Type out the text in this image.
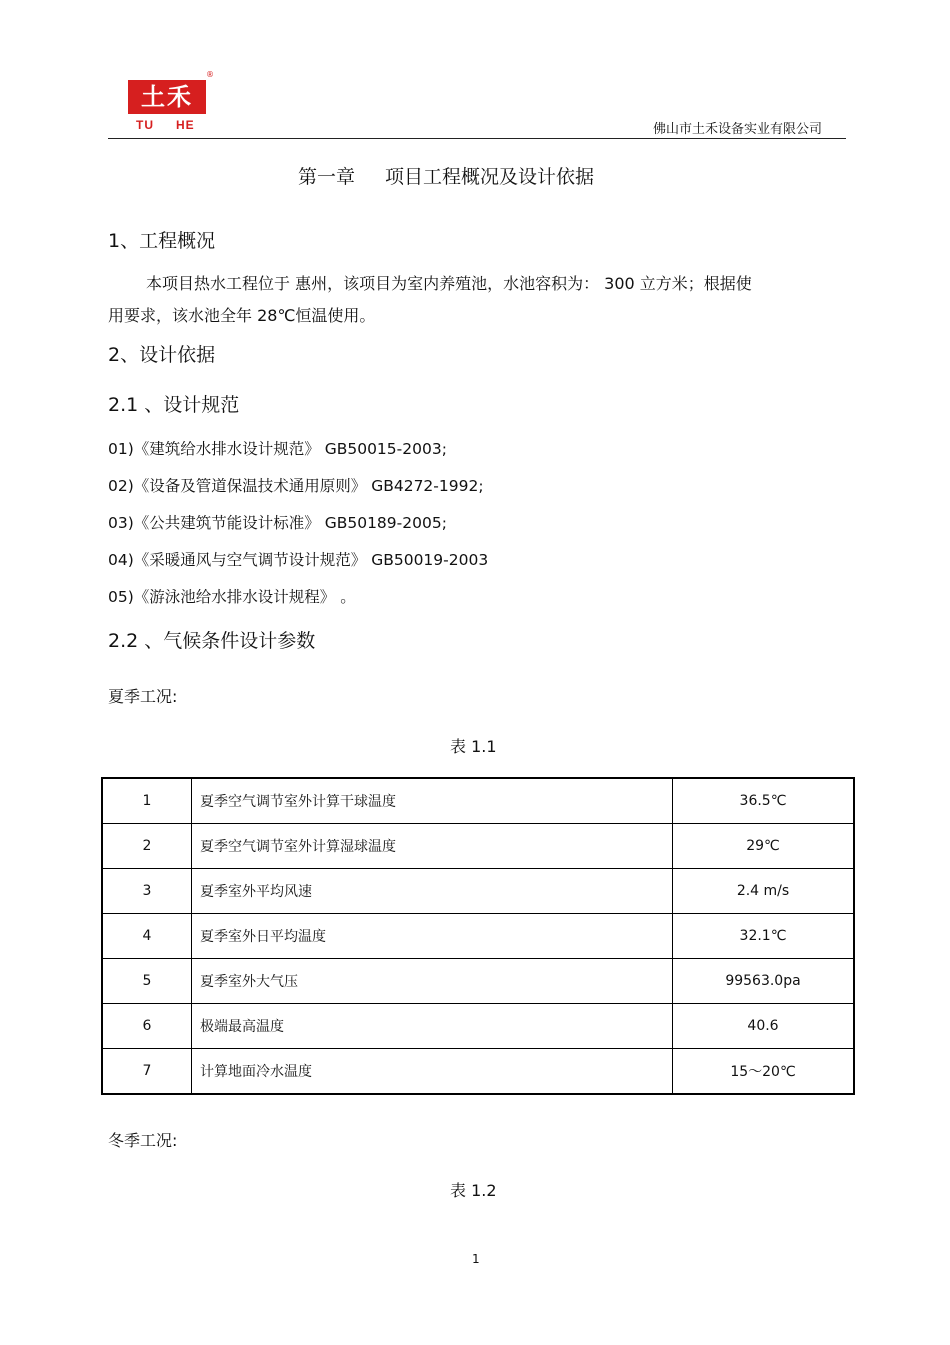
土禾
®
TU HE	佛山市土禾设备实业有限公司
第一章 项目工程概况及设计依据
1、工程概况
本项目热水工程位于 惠州，该项目为室内养殖池，水池容积为： 300 立方米；根据使
用要求，该水池全年 28℃恒温使用。
2、设计依据
2.1 、设计规范
01)《建筑给水排水设计规范》 GB50015-2003;
02)《设备及管道保温技术通用原则》 GB4272-1992;
03)《公共建筑节能设计标准》 GB50189-2005;
04)《采暖通风与空气调节设计规范》 GB50019-2003
05)《游泳池给水排水设计规程》 。
2.2 、气候条件设计参数
夏季工况:
表 1.1
1	夏季空气调节室外计算干球温度	36.5℃
2	夏季空气调节室外计算湿球温度	29℃
3	夏季室外平均风速	2.4 m/s
4	夏季室外日平均温度	32.1℃
5	夏季室外大气压	99563.0pa
6	极端最高温度	40.6
7	计算地面冷水温度	15～20℃
冬季工况:
表 1.2
1
